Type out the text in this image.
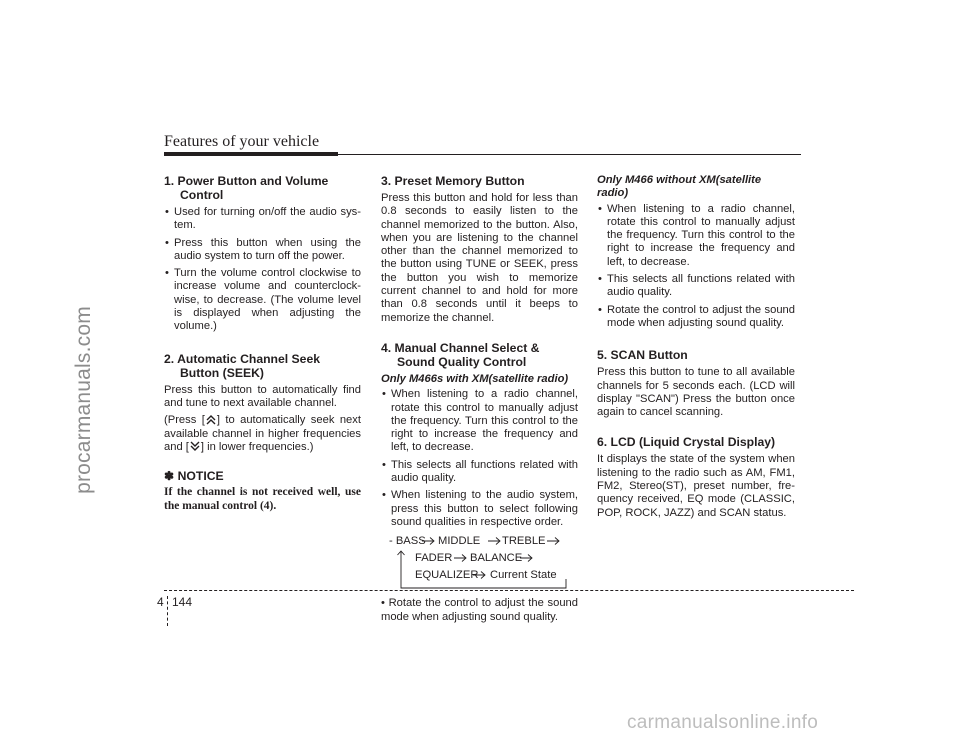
procarmanuals.com
Features of your vehicle
1. Power Button and Volume
Control
• Used for turning on/off the audio sys- tem.
• Press this button when using the audio system to turn off the power.
• Turn the volume control clockwise to increase volume and counterclock- wise, to decrease. (The volume level is displayed when adjusting the volume.)
2. Automatic Channel Seek
Button (SEEK)

Press this button to automatically find and tune to next available channel.

(Press [ ] to automatically seek next available channel in higher frequencies and [ ] in lower frequencies.)

✽ NOTICE

If the channel is not received well, use the manual control (4).

3. Preset Memory Button

Press this button and hold for less than 0.8 seconds to easily listen to the channel memorized to the button. Also, when you are listening to the channel other than the channel memorized to the button using TUNE or SEEK, press the button you wish to memorize current channel to and hold for more than 0.8 seconds until it beeps to memorize the channel.

4. Manual Channel Select &
Sound Quality Control
Only M466s with XM(satellite radio)
• When listening to a radio channel, rotate this control to manually adjust the frequency. Turn this control to the right to increase the frequency and left, to decrease.
• This selects all functions related with audio quality.
• When listening to the audio system, press this button to select following sound qualities in respective order.
- BASS MIDDLE TREBLE
FADER BALANCE
EQUALIZER Current State

• Rotate the control to adjust the sound mode when adjusting sound quality.

Only M466 without XM(satellite radio)
• When listening to a radio channel, rotate this control to manually adjust the frequency. Turn this control to the right to increase the frequency and left, to decrease.
• This selects all functions related with audio quality.
• Rotate the control to adjust the sound mode when adjusting sound quality.
5. SCAN Button

Press this button to tune to all available channels for 5 seconds each. (LCD will display "SCAN") Press the button once again to cancel scanning.

6. LCD (Liquid Crystal Display)

It displays the state of the system when listening to the radio such as AM, FM1, FM2, Stereo(ST), preset number, fre- quency received, EQ mode (CLASSIC, POP, ROCK, JAZZ) and SCAN status.

4 144
carmanualsonline.info
